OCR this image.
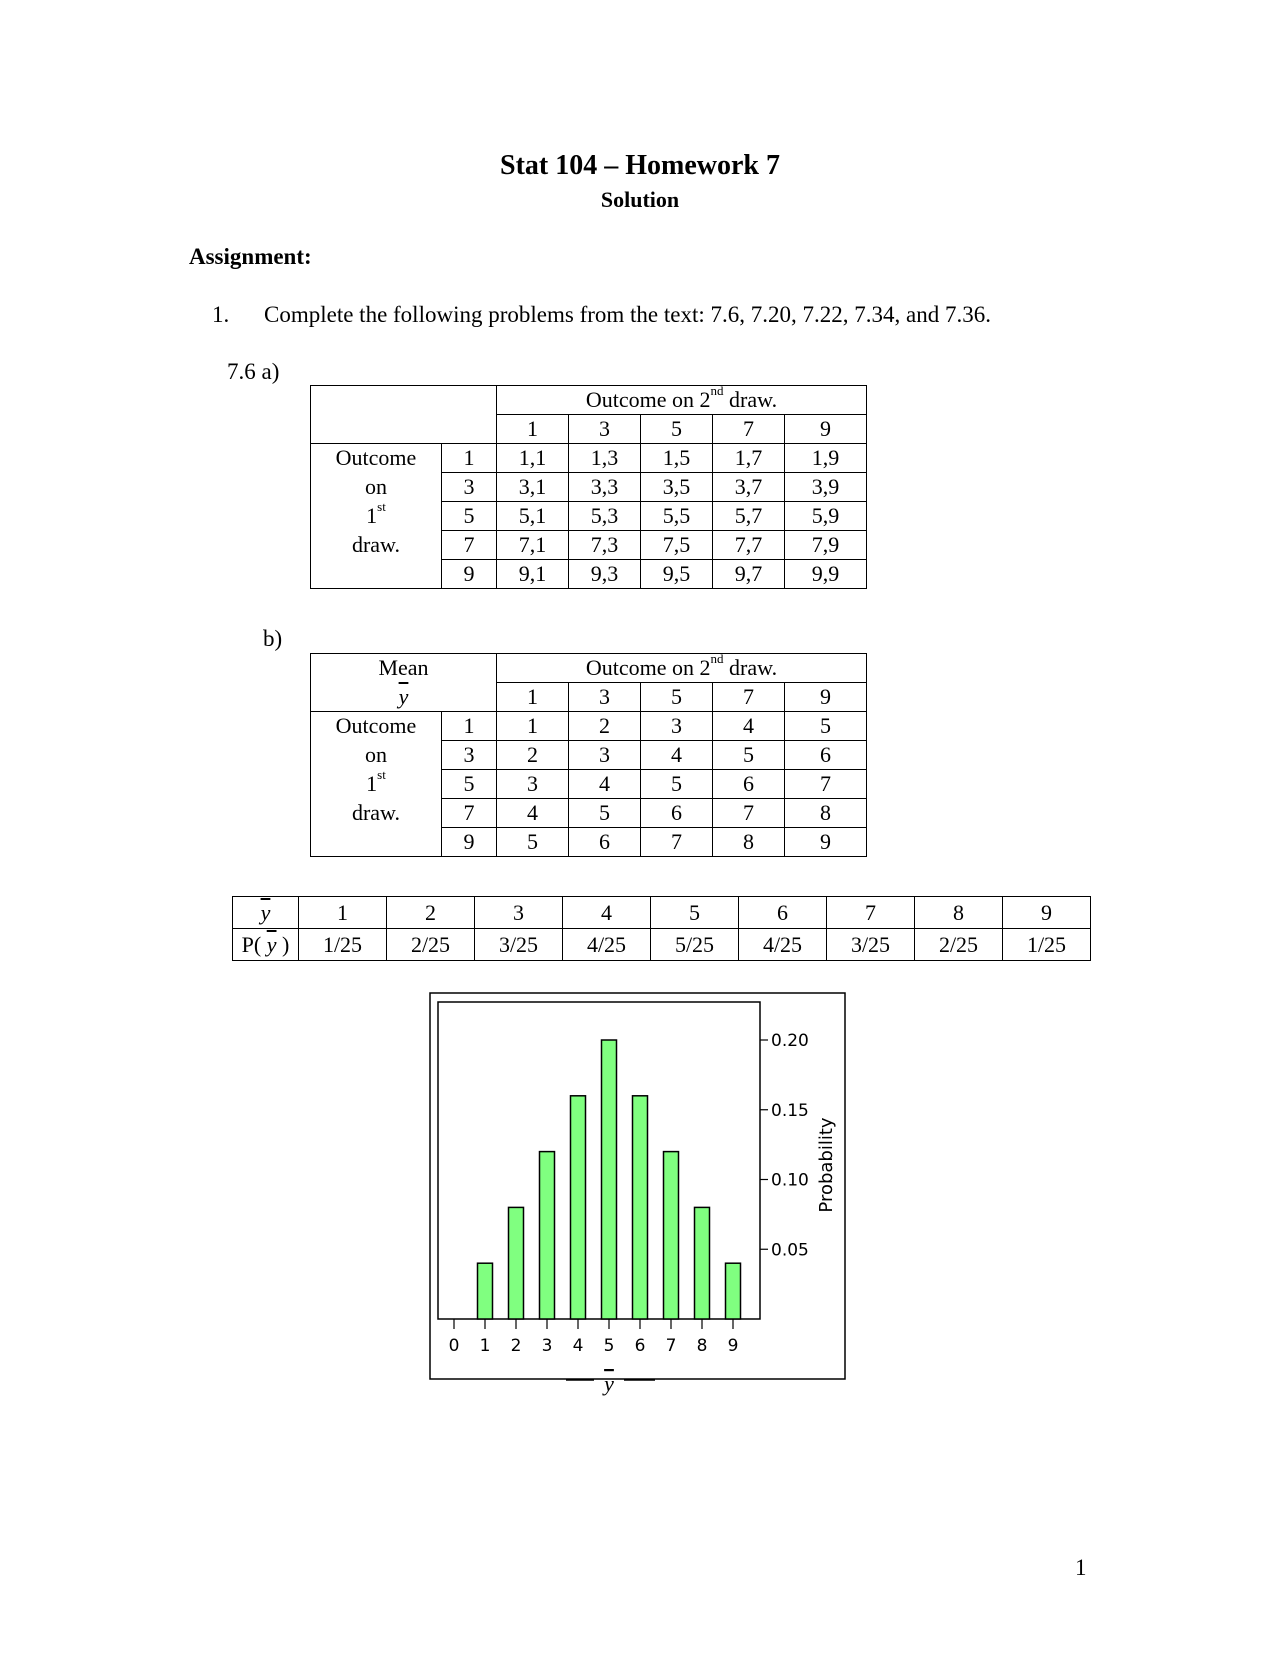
Stat 104 – Homework 7
Solution
Assignment:
1. Complete the following problems from the text: 7.6, 7.20, 7.22, 7.34, and 7.36.
7.6 a)
		Outcome on 2nd draw.				
		1	3	5	7	9
Outcome	1	1,1	1,3	1,5	1,7	1,9
on	3	3,1	3,3	3,5	3,7	3,9
1st	5	5,1	5,3	5,5	5,7	5,9
draw.	7	7,1	7,3	7,5	7,7	7,9
	9	9,1	9,3	9,5	9,7	9,9
b)
Mean		Outcome on 2nd draw.				
$\overline{y}$		1	3	5	7	9
Outcome	1	1	2	3	4	5
on	3	2	3	4	5	6
1st	5	3	4	5	6	7
draw.	7	4	5	6	7	8
	9	5	6	7	8	9
$\overline{y}$	1	2	3	4	5	6	7	8	9
P( $\overline{y}$ )	1/25	2/25	3/25	4/25	5/25	4/25	3/25	2/25	1/25
0 1 2 3 4 5 6 7 8 9
0.20
0.15
0.10
0.05
Probability
y
1
